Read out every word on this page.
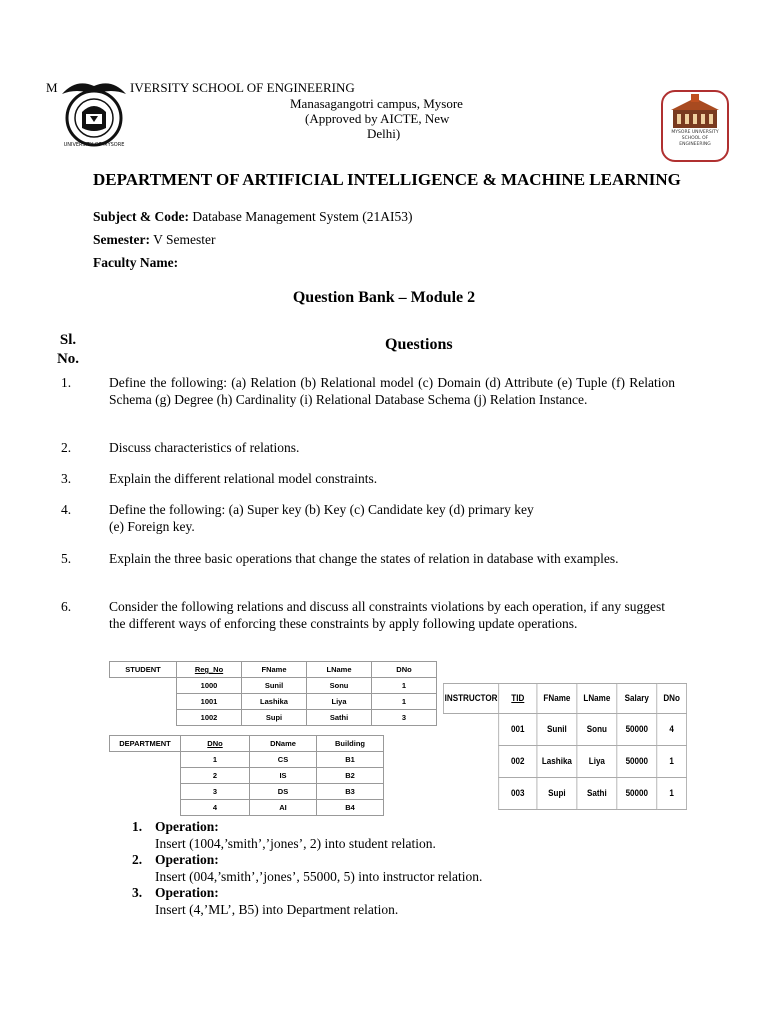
M	IVERSITY SCHOOL OF ENGINEERING
UNIVERSITY OF MYSORE
Manasagangotri campus, Mysore
(Approved by AICTE, New
Delhi)	MYSORE UNIVERSITY
SCHOOL OF
ENGINEERING
DEPARTMENT OF ARTIFICIAL INTELLIGENCE & MACHINE LEARNING
Subject & Code: Database Management System (21AI53)
Semester: V Semester
Faculty Name:
Question Bank – Module 2
Sl.
No.
Questions
1.	Define the following: (a) Relation (b) Relational model (c) Domain (d) Attribute (e) Tuple (f) Relation Schema (g) Degree (h) Cardinality (i) Relational Database Schema (j) Relation Instance.
2.	Discuss characteristics of relations.
3.	Explain the different relational model constraints.
4.	Define the following: (a) Super key (b) Key (c) Candidate key (d) primary key
(e) Foreign key.
5.	Explain the three basic operations that change the states of relation in database with examples.
6.	Consider the following relations and discuss all constraints violations by each operation, if any suggest the different ways of enforcing these constraints by apply following update operations.
STUDENT	Reg_No	FName	LName	DNo
	1000	Sunil	Sonu	1
	1001	Lashika	Liya	1
	1002	Supi	Sathi	3
DEPARTMENT	DNo	DName	Building
	1	CS	B1
	2	IS	B2
	3	DS	B3
	4	AI	B4
INSTRUCTOR	TID	FName	LName	Salary	DNo
	001	Sunil	Sonu	50000	4
	002	Lashika	Liya	50000	1
	003	Supi	Sathi	50000	1
1. Operation:
Insert (1004,’smith’,’jones’, 2) into student relation.
2. Operation:
Insert (004,’smith’,’jones’, 55000, 5) into instructor relation.
3. Operation:
Insert (4,’ML’, B5) into Department relation.
